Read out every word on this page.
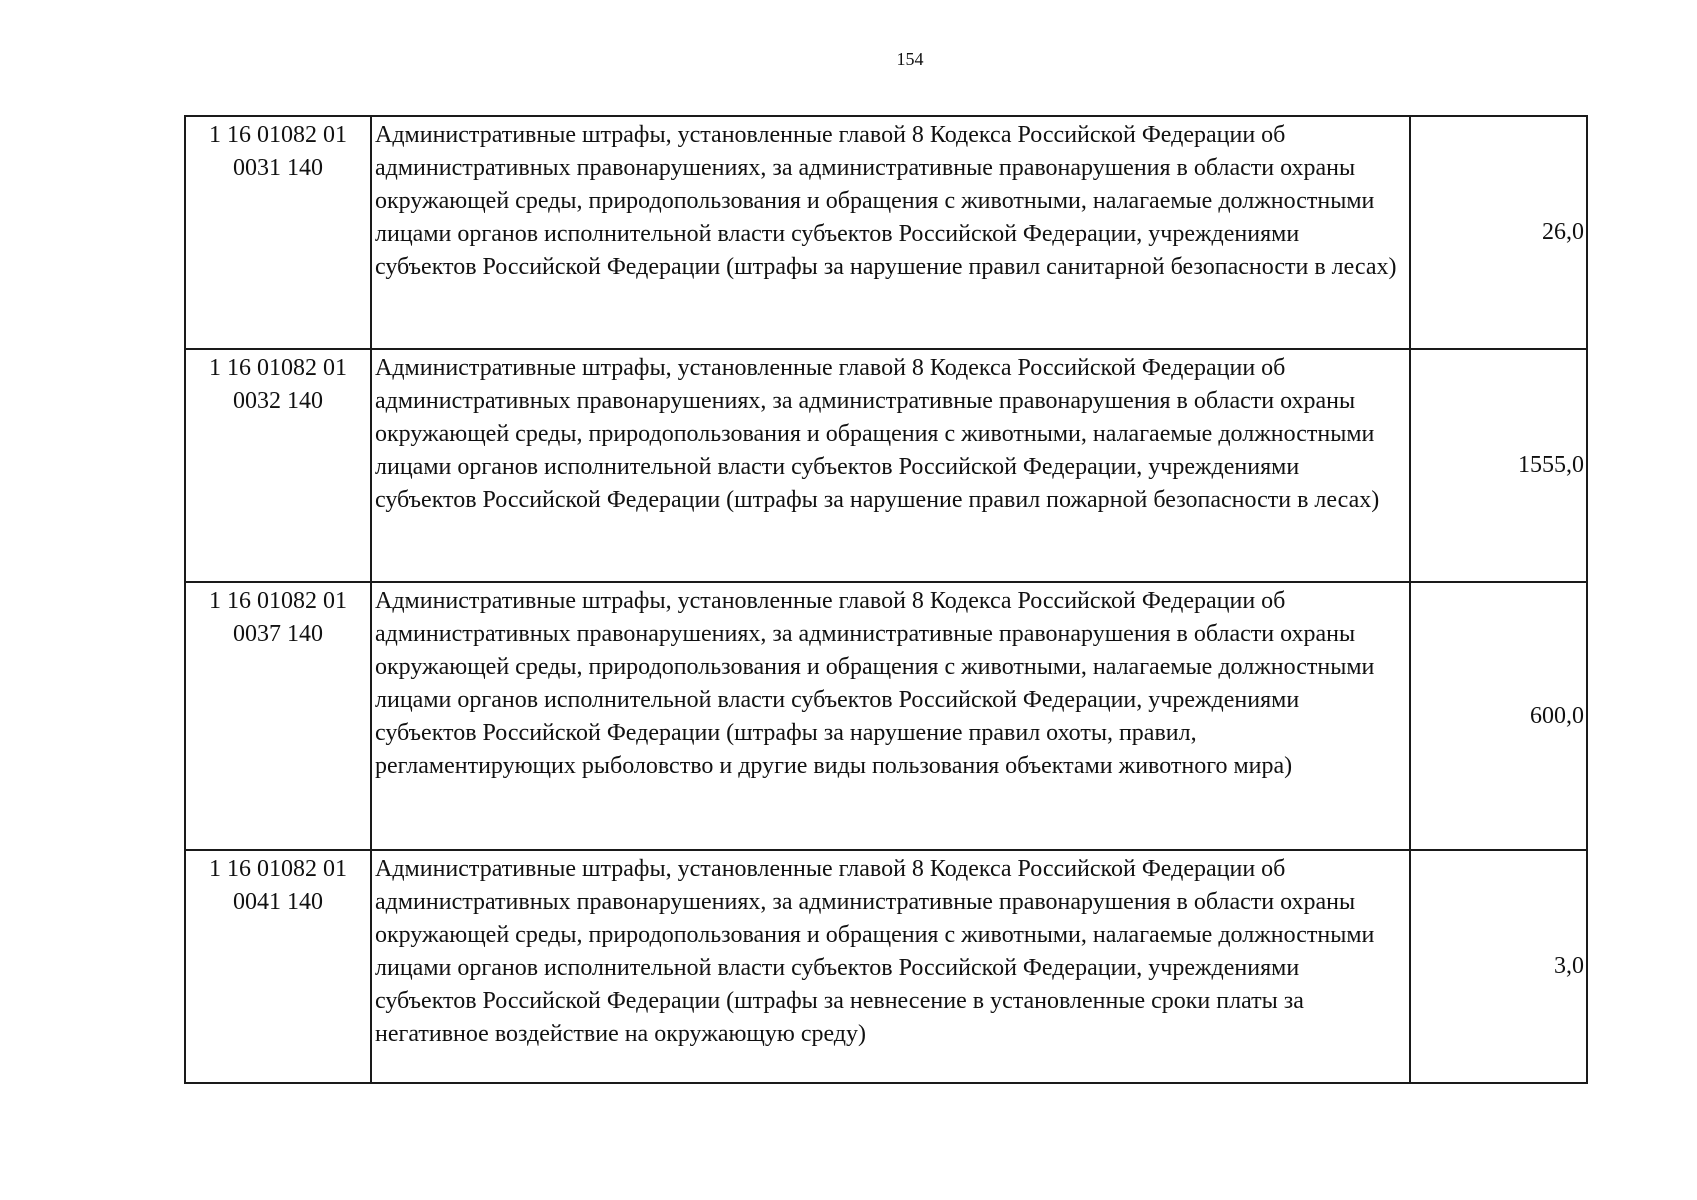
154
1 16 01082 01 0031 140	Административные штрафы, установленные главой 8 Кодекса Российской Федерации об административных правонарушениях, за административные правонарушения в области охраны окружающей среды, природопользования и обращения с животными, налагаемые должностными лицами органов исполнительной власти субъектов Российской Федерации, учреждениями субъектов Российской Федерации (штрафы за нарушение правил санитарной безопасности в лесах)	26,0
1 16 01082 01 0032 140	Административные штрафы, установленные главой 8 Кодекса Российской Федерации об административных правонарушениях, за административные правонарушения в области охраны окружающей среды, природопользования и обращения с животными, налагаемые должностными лицами органов исполнительной власти субъектов Российской Федерации, учреждениями субъектов Российской Федерации (штрафы за нарушение правил пожарной безопасности в лесах)	1555,0
1 16 01082 01 0037 140	Административные штрафы, установленные главой 8 Кодекса Российской Федерации об административных правонарушениях, за административные правонарушения в области охраны окружающей среды, природопользования и обращения с животными, налагаемые должностными лицами органов исполнительной власти субъектов Российской Федерации, учреждениями субъектов Российской Федерации (штрафы за нарушение правил охоты, правил, регламентирующих рыболовство и другие виды пользования объектами животного мира)	600,0
1 16 01082 01 0041 140	Административные штрафы, установленные главой 8 Кодекса Российской Федерации об административных правонарушениях, за административные правонарушения в области охраны окружающей среды, природопользования и обращения с животными, налагаемые должностными лицами органов исполнительной власти субъектов Российской Федерации, учреждениями субъектов Российской Федерации (штрафы за невнесение в установленные сроки платы за негативное воздействие на окружающую среду)	3,0
